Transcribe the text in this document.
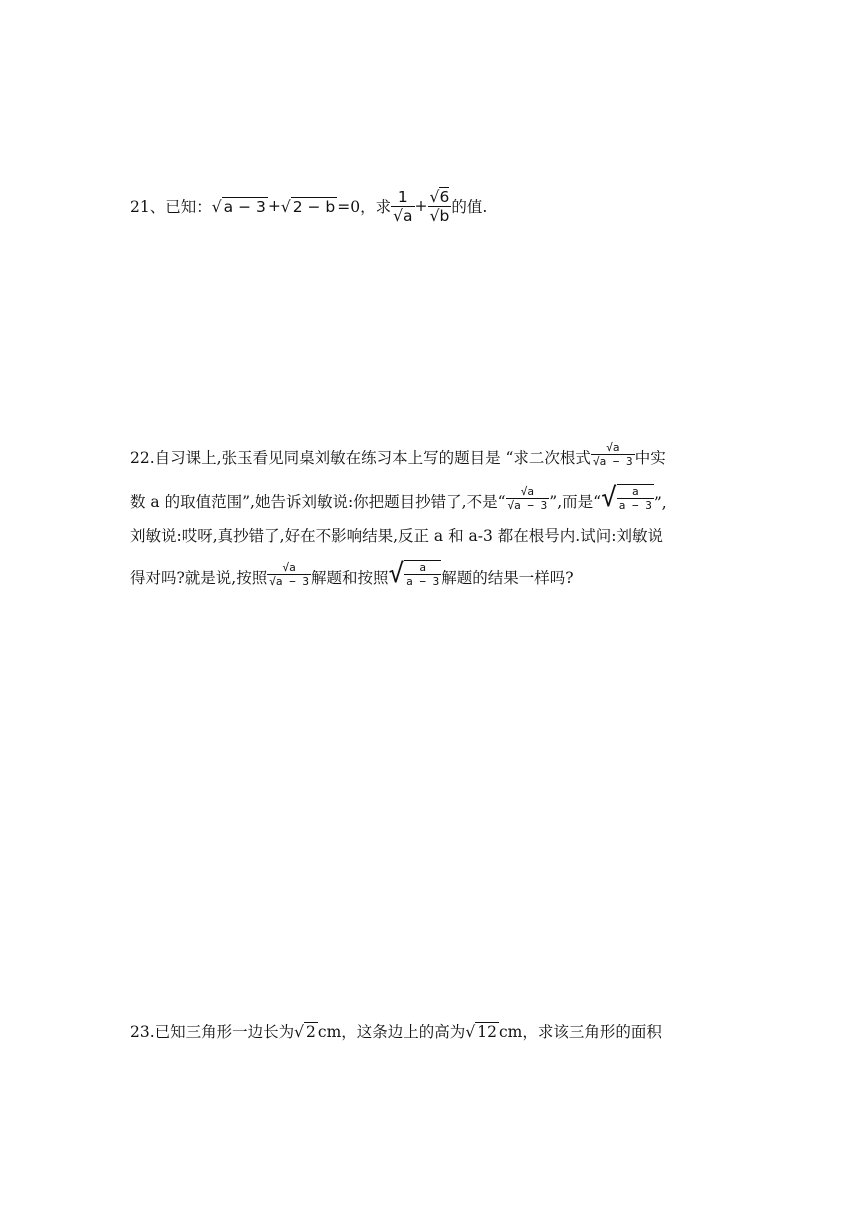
21、 已知： √ a − 3 + √ 2 − b =0， 求 $\frac{1}{√a} + \frac{√6}{√b}$ 的值.
22.自习课上,张玉看见同桌刘敏在练习本上写的题目是 “求二次根式 $\frac{√a}{√a - 3}$ 中实
数 a 的取值范围”,她告诉刘敏说:你把题目抄错了,不是“ $\frac{√a}{√a - 3}$ ”,而是“ √ $\frac{a}{a - 3}$ ”,
刘敏说:哎呀,真抄错了,好在不影响结果,反正 a 和 a-3 都在根号内.试问:刘敏说
得对吗?就是说,按照 $\frac{√a}{√a - 3}$ 解题和按照 √ $\frac{a}{a - 3}$ 解题的结果一样吗?
23.已知三角形一边长为 √ 2 cm，这条边上的高为 √ 12 cm，求该三角形的面积
